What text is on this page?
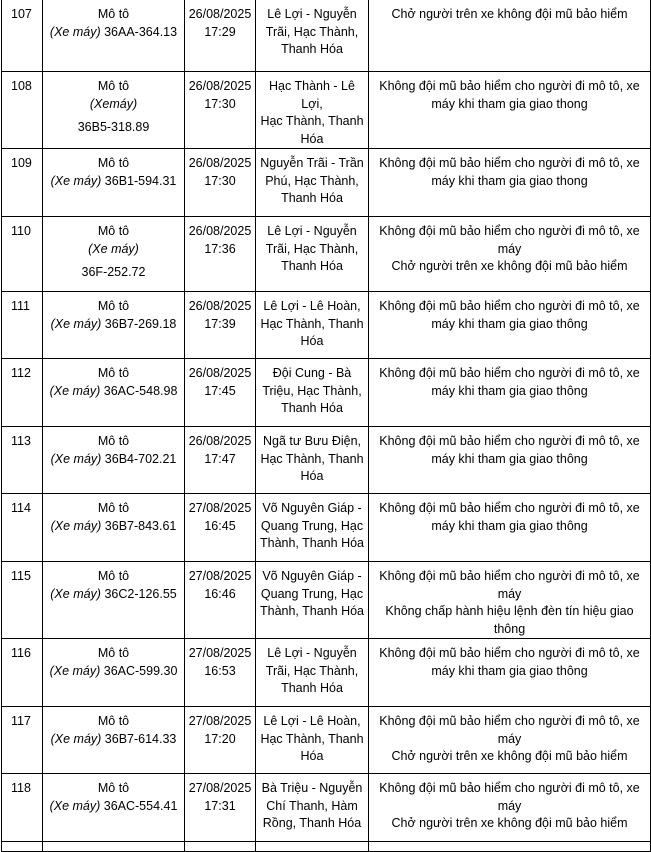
107	Mô tô
(Xe máy) 36AA-364.13	26/08/2025
17:29	Lê Lợi - Nguyễn
Trãi, Hạc Thành,
Thanh Hóa	Chở người trên xe không đội mũ bảo hiểm

108	Mô tô
(Xemáy)
36B5-318.89	26/08/2025
17:30	Hạc Thành - Lê Lợi,
Hạc Thành, Thanh
Hóa	Không đội mũ bảo hiểm cho người đi mô tô, xe
máy khi tham gia giao thong

109	Mô tô
(Xe máy) 36B1-594.31	26/08/2025
17:30	Nguyễn Trãi - Trần
Phú, Hạc Thành,
Thanh Hóa	Không đội mũ bảo hiểm cho người đi mô tô, xe
máy khi tham gia giao thong

110	Mô tô
(Xe máy)
36F-252.72	26/08/2025
17:36	Lê Lợi - Nguyễn
Trãi, Hạc Thành,
Thanh Hóa	Không đội mũ bảo hiểm cho người đi mô tô, xe
máy
Chở người trên xe không đội mũ bảo hiểm

111	Mô tô
(Xe máy) 36B7-269.18	26/08/2025
17:39	Lê Lợi - Lê Hoàn,
Hạc Thành, Thanh
Hóa	Không đội mũ bảo hiểm cho người đi mô tô, xe
máy khi tham gia giao thông

112	Mô tô
(Xe máy) 36AC-548.98	26/08/2025
17:45	Đội Cung - Bà
Triệu, Hạc Thành,
Thanh Hóa	Không đội mũ bảo hiểm cho người đi mô tô, xe
máy khi tham gia giao thông

113	Mô tô
(Xe máy) 36B4-702.21	26/08/2025
17:47	Ngã tư Bưu Điện,
Hạc Thành, Thanh
Hóa	Không đội mũ bảo hiểm cho người đi mô tô, xe
máy khi tham gia giao thông

114	Mô tô
(Xe máy) 36B7-843.61	27/08/2025
16:45	Võ Nguyên Giáp -
Quang Trung, Hạc
Thành, Thanh Hóa	Không đội mũ bảo hiểm cho người đi mô tô, xe
máy khi tham gia giao thông

115	Mô tô
(Xe máy) 36C2-126.55	27/08/2025
16:46	Võ Nguyên Giáp -
Quang Trung, Hạc
Thành, Thanh Hóa	Không đội mũ bảo hiểm cho người đi mô tô, xe
máy
Không chấp hành hiệu lệnh đèn tín hiệu giao thông

116	Mô tô
(Xe máy) 36AC-599.30	27/08/2025
16:53	Lê Lợi - Nguyễn
Trãi, Hạc Thành,
Thanh Hóa	Không đội mũ bảo hiểm cho người đi mô tô, xe
máy khi tham gia giao thông

117	Mô tô
(Xe máy) 36B7-614.33	27/08/2025
17:20	Lê Lợi - Lê Hoàn,
Hạc Thành, Thanh
Hóa	Không đội mũ bảo hiểm cho người đi mô tô, xe
máy
Chở người trên xe không đội mũ bảo hiểm

118	Mô tô
(Xe máy) 36AC-554.41	27/08/2025
17:31	Bà Triệu - Nguyễn
Chí Thanh, Hàm
Rồng, Thanh Hóa	Không đội mũ bảo hiểm cho người đi mô tô, xe
máy
Chở người trên xe không đội mũ bảo hiểm
